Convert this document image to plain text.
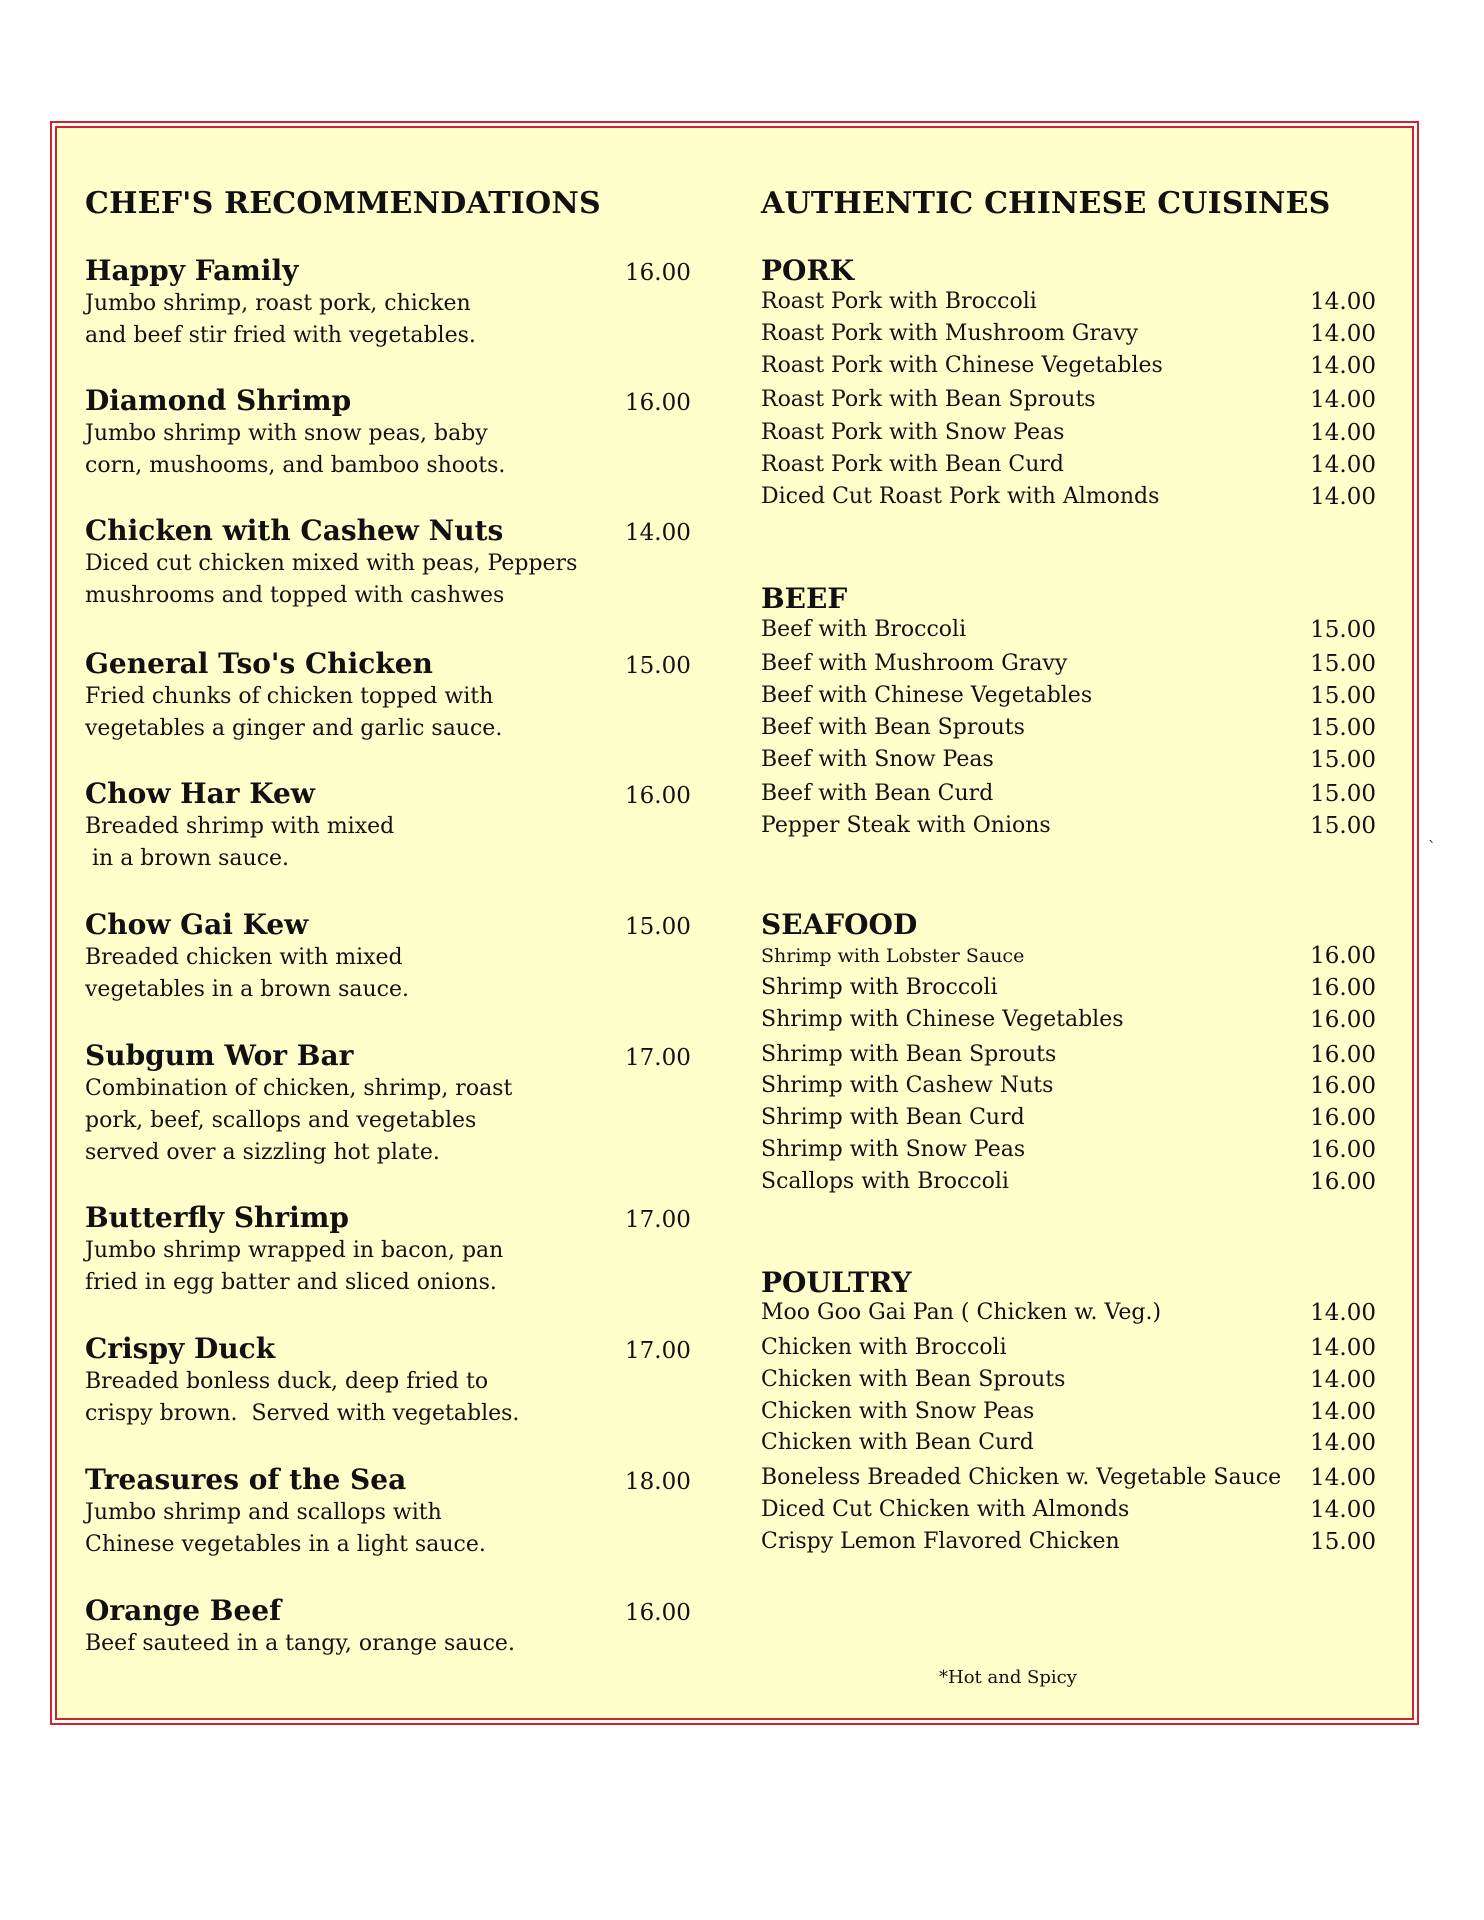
CHEF'S RECOMMENDATIONS
Happy Family	16.00
Jumbo shrimp, roast pork, chicken
and beef stir fried with vegetables.
Diamond Shrimp	16.00
Jumbo shrimp with snow peas, baby
corn, mushooms, and bamboo shoots.
Chicken with Cashew Nuts	14.00
Diced cut chicken mixed with peas, Peppers
mushrooms and topped with cashwes
General Tso's Chicken	15.00
Fried chunks of chicken topped with
vegetables a ginger and garlic sauce.
Chow Har Kew	16.00
Breaded shrimp with mixed
in a brown sauce.
Chow Gai Kew	15.00
Breaded chicken with mixed
vegetables in a brown sauce.
Subgum Wor Bar	17.00
Combination of chicken, shrimp, roast
pork, beef, scallops and vegetables
served over a sizzling hot plate.
Butterfly Shrimp	17.00
Jumbo shrimp wrapped in bacon, pan
fried in egg batter and sliced onions.
Crispy Duck	17.00
Breaded bonless duck, deep fried to
crispy brown.  Served with vegetables.
Treasures of the Sea	18.00
Jumbo shrimp and scallops with
Chinese vegetables in a light sauce.
Orange Beef	16.00
Beef sauteed in a tangy, orange sauce.
AUTHENTIC CHINESE CUISINES
PORK
Roast Pork with Broccoli	14.00
Roast Pork with Mushroom Gravy	14.00
Roast Pork with Chinese Vegetables	14.00
Roast Pork with Bean Sprouts	14.00
Roast Pork with Snow Peas	14.00
Roast Pork with Bean Curd	14.00
Diced Cut Roast Pork with Almonds	14.00
BEEF
Beef with Broccoli	15.00
Beef with Mushroom Gravy	15.00
Beef with Chinese Vegetables	15.00
Beef with Bean Sprouts	15.00
Beef with Snow Peas	15.00
Beef with Bean Curd	15.00
Pepper Steak with Onions	15.00
SEAFOOD
Shrimp with Lobster Sauce	16.00
Shrimp with Broccoli	16.00
Shrimp with Chinese Vegetables	16.00
Shrimp with Bean Sprouts	16.00
Shrimp with Cashew Nuts	16.00
Shrimp with Bean Curd	16.00
Shrimp with Snow Peas	16.00
Scallops with Broccoli	16.00
POULTRY
Moo Goo Gai Pan ( Chicken w. Veg.)	14.00
Chicken with Broccoli	14.00
Chicken with Bean Sprouts	14.00
Chicken with Snow Peas	14.00
Chicken with Bean Curd	14.00
Boneless Breaded Chicken w. Vegetable Sauce 14.00
Diced Cut Chicken with Almonds	14.00
Crispy Lemon Flavored Chicken	15.00
*Hot and Spicy
`
